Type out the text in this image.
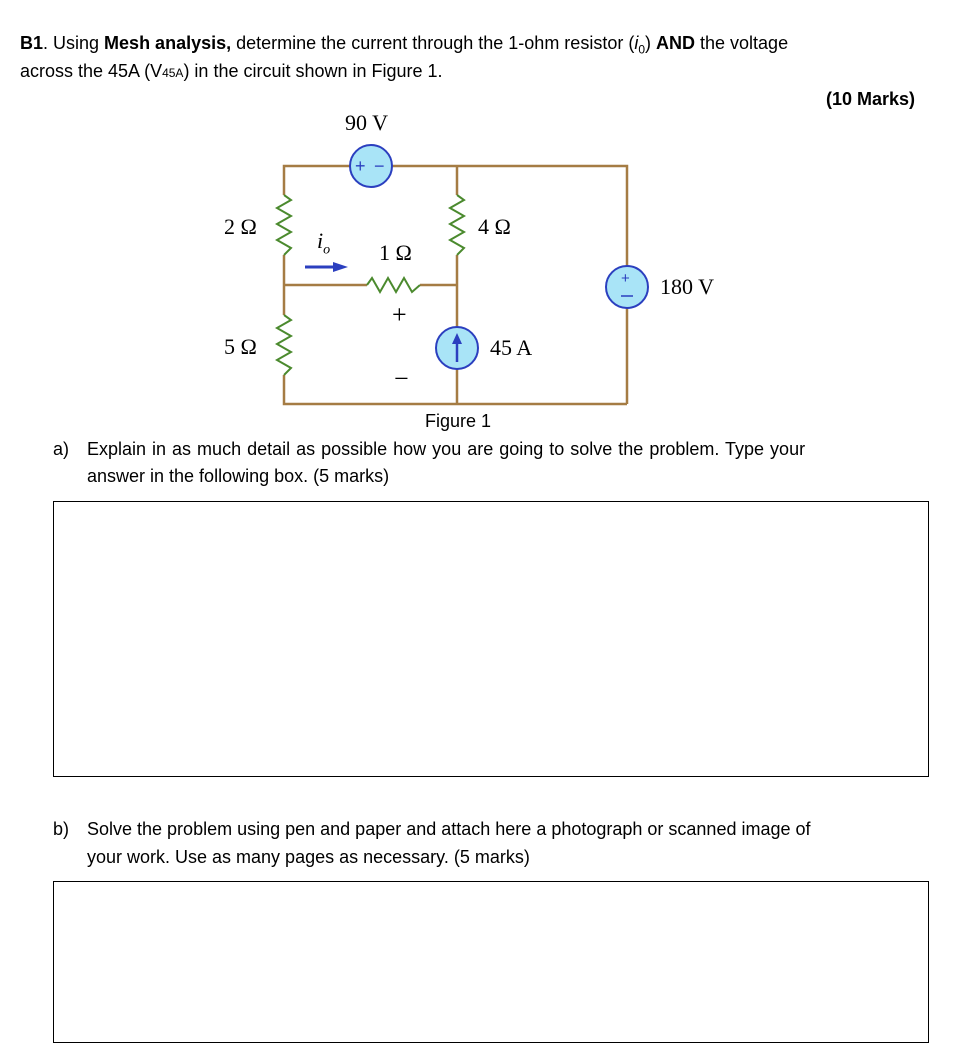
B1. Using Mesh analysis, determine the current through the 1-ohm resistor $(i_0)$ AND the voltage
across the 45A (V45A) in the circuit shown in Figure 1.
(10 Marks)
+ −
+
90 V
2 Ω
5 Ω
4 Ω
1 Ω
$i_o$
180 V
45 A
+
−
Figure 1
a) Explain in as much detail as possible how you are going to solve the problem. Type your
answer in the following box. (5 marks)
b) Solve the problem using pen and paper and attach here a photograph or scanned image of
your work. Use as many pages as necessary. (5 marks)
